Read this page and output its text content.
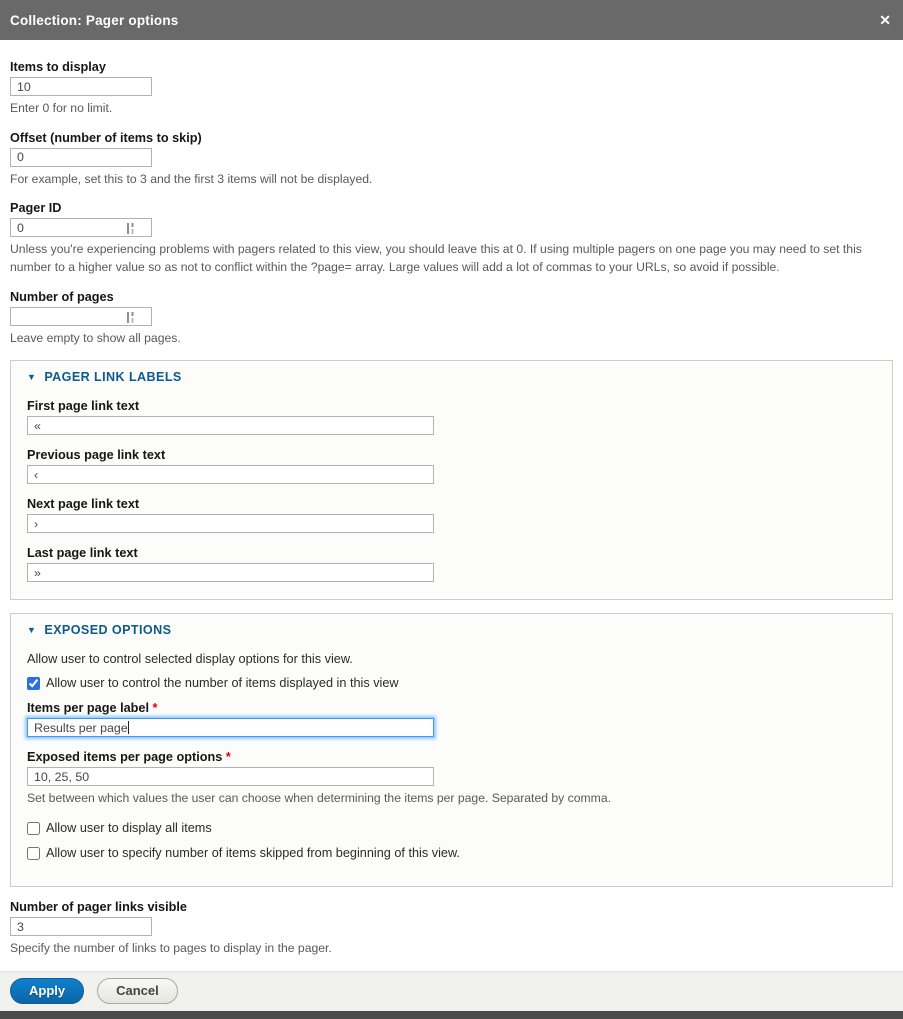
Collection: Pager options	✕
Items to display
10
Enter 0 for no limit.
Offset (number of items to skip)
0
For example, set this to 3 and the first 3 items will not be displayed.
Pager ID
0
Unless you're experiencing problems with pagers related to this view, you should leave this at 0. If using multiple pagers on one page you may need to set this number to a higher value so as not to conflict within the ?page= array. Large values will add a lot of commas to your URLs, so avoid if possible.
Number of pages
Leave empty to show all pages.
▼ PAGER LINK LABELS
First page link text
«
Previous page link text
‹
Next page link text
›
Last page link text
»
▼ EXPOSED OPTIONS
Allow user to control selected display options for this view.
Allow user to control the number of items displayed in this view
Items per page label *
Results per page
Exposed items per page options *
10, 25, 50
Set between which values the user can choose when determining the items per page. Separated by comma.
Allow user to display all items
Allow user to specify number of items skipped from beginning of this view.
Number of pager links visible
3
Specify the number of links to pages to display in the pager.
Apply	Cancel
